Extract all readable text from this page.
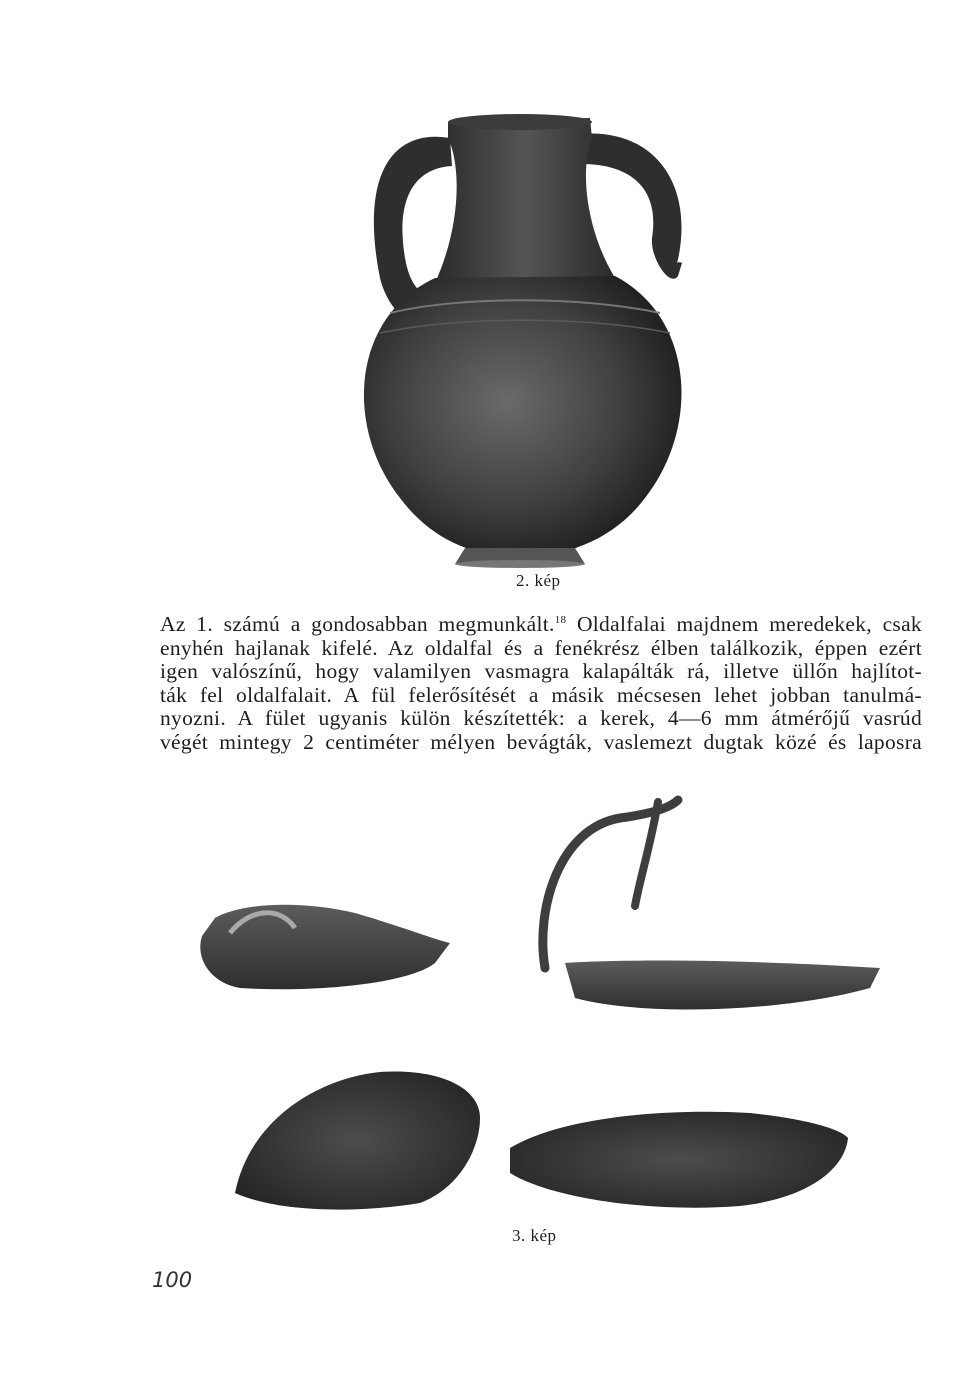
2. kép
Az 1. számú a gondosabban megmunkált.$^{18}$ Oldalfalai majdnem meredekek, csak
enyhén hajlanak kifelé. Az oldalfal és a fenékrész élben találkozik, éppen ezért
igen valószínű, hogy valamilyen vasmagra kalapálták rá, illetve üllőn hajlítot-
ták fel oldalfalait. A fül felerősítését a másik mécsesen lehet jobban tanulmá-
nyozni. A fület ugyanis külön készítették: a kerek, 4—6 mm átmérőjű vasrúd
végét mintegy 2 centiméter mélyen bevágták, vaslemezt dugtak közé és laposra
3. kép
100
